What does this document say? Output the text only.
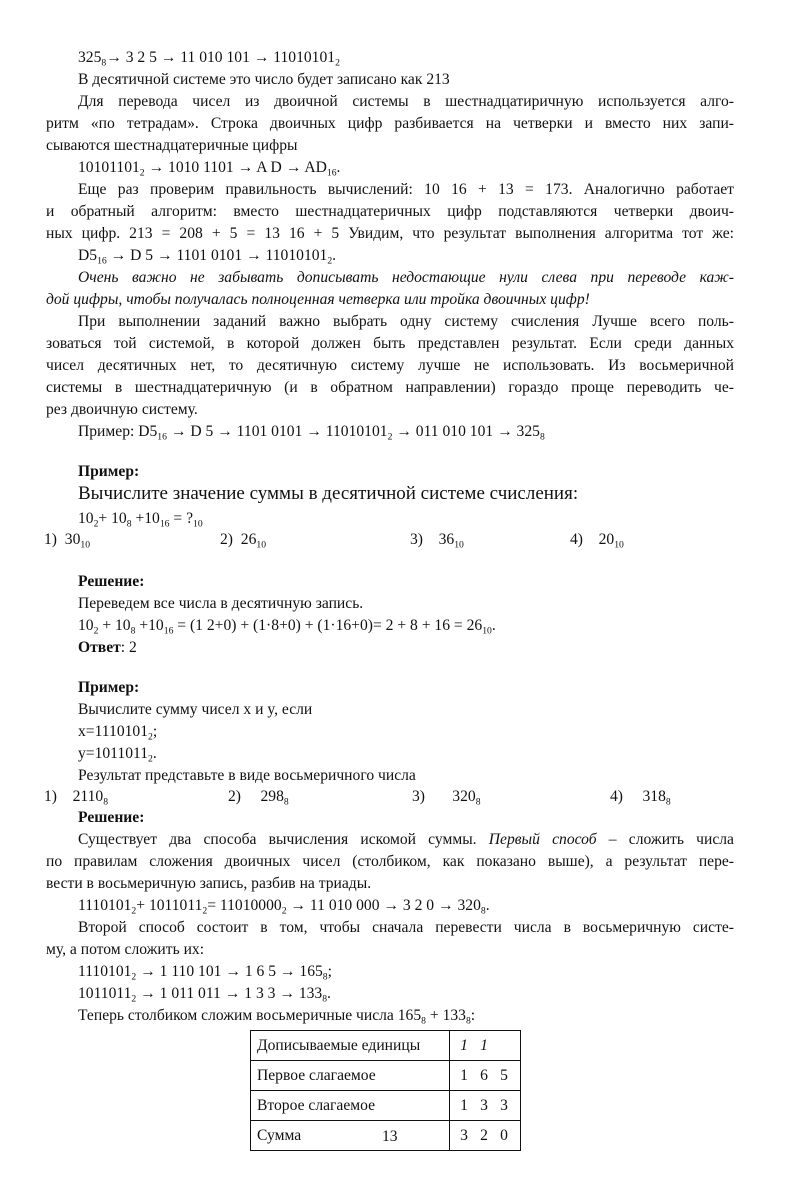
$325_8\to 3$ 2 5 → 11 010 $101 \to 11010101_2$
В десятичной системе это число будет записано как 213
Для перевода чисел из двоичной системы в шестнадцатиричную используется алго-
ритм «по тетрадам». Строка двоичных цифр разбивается на четверки и вместо них запи-
сываются шестнадцатеричные цифры
$10101101_2 \to 1010$ 1101 → A $D \to AD_{16}$.
Еще раз проверим правильность вычислений: 10 16 + 13 = 173. Аналогично работает
и обратный алгоритм: вместо шестнадцатеричных цифр подставляются четверки двоич-
ных цифр. 213 = 208 + 5 = 13 16 + 5 Увидим, что результат выполнения алгоритма тот же:
$D5_{16} \to D$ 5 → 1101 $0101 \to 11010101_2$.
Очень важно не забывать дописывать недостающие нули слева при переводе каж-
дой цифры, чтобы получалась полноценная четверка или тройка двоичных цифр!
При выполнении заданий важно выбрать одну систему счисления Лучше всего поль-
зоваться той системой, в которой должен быть представлен результат. Если среди данных
чисел десятичных нет, то десятичную систему лучше не использовать. Из восьмеричной
системы в шестнадцатеричную (и в обратном направлении) гораздо проще переводить че-
рез двоичную систему.
Пример: $D5_{16} \to D$ 5 → 1101 $0101 \to 11010101_2 \to 011$ 010 $101 \to 325_8$
Пример:
Вычислите значение суммы в десятичной системе счисления:
$10_2+ 10_8 +10_{16}$ = $?_{10}$
1) $30_{10}$	2) $26_{10}$	3) $36_{10}$	4) $20_{10}$
Решение:
Переведем все числа в десятичную запись.
$10_2 + 10_8 +10_{16} = (1$ $2+0) + (1\cdot 8+0) + (1\cdot 16+0)= 2 + 8 + 16 = 26_{10}$.
Ответ: 2
Пример:
Вычислите сумму чисел x и y, если
$x=1110101_2$;
$y=1011011_2$.
Результат представьте в виде восьмеричного числа
1) $2110_8$	2) $298_8$	3) $320_8$	4) $318_8$
Решение:
Существует два способа вычисления искомой суммы. Первый способ – сложить числа
по правилам сложения двоичных чисел (столбиком, как показано выше), а результат пере-
вести в восьмеричную запись, разбив на триады.
$1110101_2+ 1011011_2= 11010000_2 \to 11$ 010 000 → 3 2 $0 \to 320_8$.
Второй способ состоит в том, чтобы сначала перевести числа в восьмеричную систе-
му, а потом сложить их:
$1110101_2 \to 1$ 110 101 → 1 6 $5 \to 165_8$;
$1011011_2 \to 1$ 011 011 → 1 3 $3 \to 133_8$.
Теперь столбиком сложим восьмеричные числа $165_8 + 133_8$:
Дописываемые единицы	1 1
Первое слагаемое	1 6 5
Второе слагаемое	1 3 3
Сумма	3 2 0
13
